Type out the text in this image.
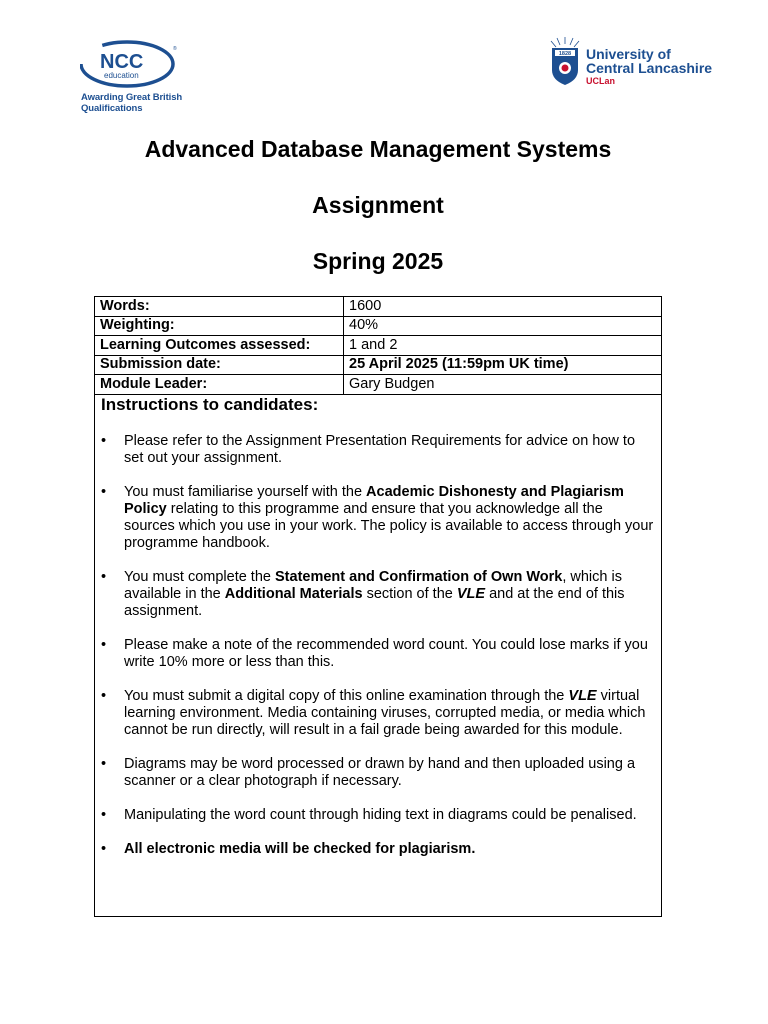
NCC
education
®
Awarding Great British
Qualifications
1828 University of
Central Lancashire
UCLan
Advanced Database Management Systems
Assignment
Spring 2025
Words:	1600
Weighting:	40%
Learning Outcomes assessed:	1 and 2
Submission date:	25 April 2025 (11:59pm UK time)
Module Leader:	Gary Budgen
Instructions to candidates:
• Please refer to the Assignment Presentation Requirements for advice on how to set out your assignment.
• You must familiarise yourself with the Academic Dishonesty and Plagiarism Policy relating to this programme and ensure that you acknowledge all the sources which you use in your work. The policy is available to access through your programme handbook.
• You must complete the Statement and Confirmation of Own Work, which is available in the Additional Materials section of the VLE and at the end of this assignment.
• Please make a note of the recommended word count. You could lose marks if you write 10% more or less than this.
• You must submit a digital copy of this online examination through the VLE virtual learning environment. Media containing viruses, corrupted media, or media which cannot be run directly, will result in a fail grade being awarded for this module.
• Diagrams may be word processed or drawn by hand and then uploaded using a scanner or a clear photograph if necessary.
• Manipulating the word count through hiding text in diagrams could be penalised.
• All electronic media will be checked for plagiarism.
